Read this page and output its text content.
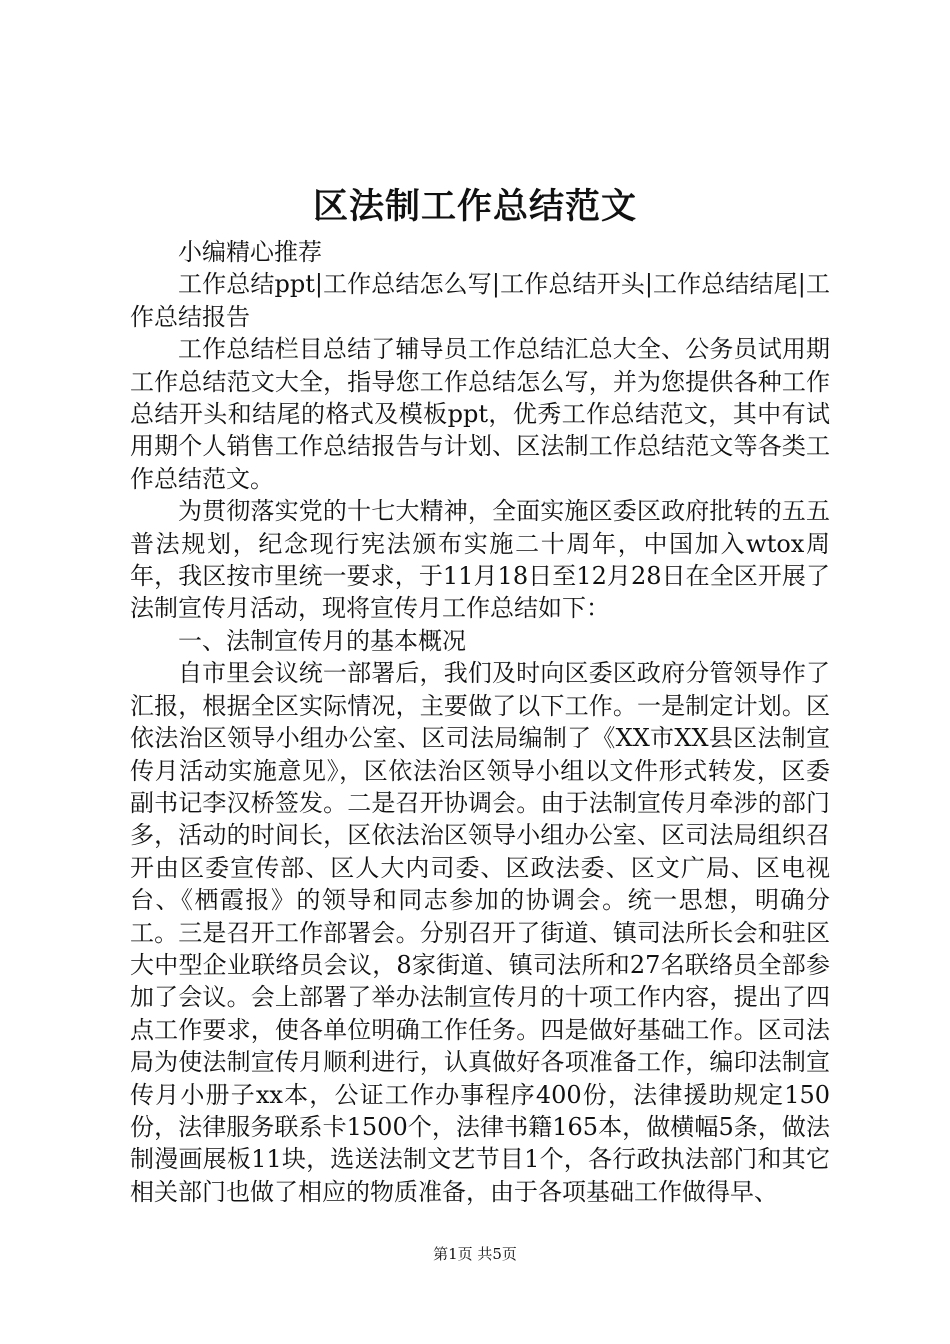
区法制工作总结范文

小编精心推荐

工作总结ppt|工作总结怎么写|工作总结开头|工作总结结尾|工作总结报告

工作总结栏目总结了辅导员工作总结汇总大全、公务员试用期工作总结范文大全，指导您工作总结怎么写，并为您提供各种工作总结开头和结尾的格式及模板ppt，优秀工作总结范文，其中有试用期个人销售工作总结报告与计划、区法制工作总结范文等各类工作总结范文。

为贯彻落实党的十七大精神，全面实施区委区政府批转的五五普法规划，纪念现行宪法颁布实施二十周年，中国加入wtox周年，我区按市里统一要求，于11月18日至12月28日在全区开展了法制宣传月活动，现将宣传月工作总结如下：

一、法制宣传月的基本概况

自市里会议统一部署后，我们及时向区委区政府分管领导作了汇报，根据全区实际情况，主要做了以下工作。一是制定计划。区依法治区领导小组办公室、区司法局编制了《XX市XX县区法制宣传月活动实施意见》，区依法治区领导小组以文件形式转发，区委副书记李汉桥签发。二是召开协调会。由于法制宣传月牵涉的部门多，活动的时间长，区依法治区领导小组办公室、区司法局组织召开由区委宣传部、区人大内司委、区政法委、区文广局、区电视台、《栖霞报》的领导和同志参加的协调会。统一思想，明确分工。三是召开工作部署会。分别召开了街道、镇司法所长会和驻区大中型企业联络员会议，8家街道、镇司法所和27名联络员全部参加了会议。会上部署了举办法制宣传月的十项工作内容，提出了四点工作要求，使各单位明确工作任务。四是做好基础工作。区司法局为使法制宣传月顺利进行，认真做好各项准备工作，编印法制宣传月小册子xx本，公证工作办事程序400份，法律援助规定150份，法律服务联系卡1500个，法律书籍165本，做横幅5条，做法制漫画展板11块，选送法制文艺节目1个，各行政执法部门和其它相关部门也做了相应的物质准备，由于各项基础工作做得早、

第1页 共5页
